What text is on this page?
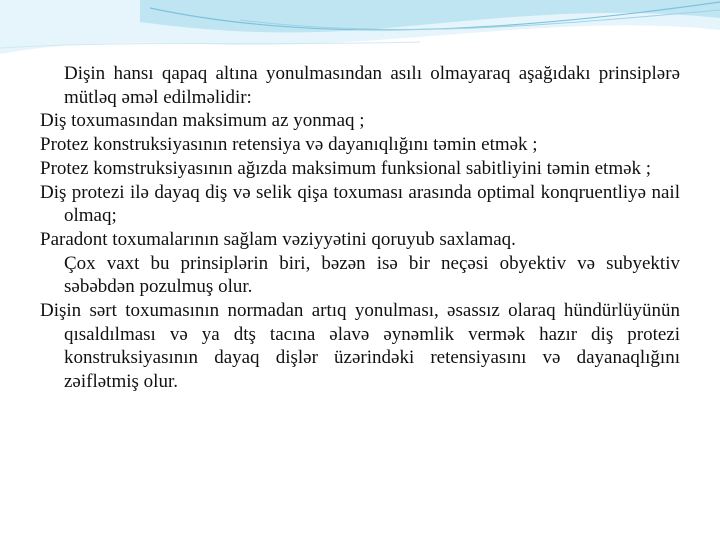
Dişin hansı qapaq altına yonulmasından asılı olmayaraq aşağıdakı prinsiplərə mütləq əməl edilməlidir:

Diş toxumasından maksimum az yonmaq ;

Protez konstruksiyasının retensiya və dayanıqlığını təmin etmək ;

Protez komstruksiyasının ağızda maksimum funksional sabitliyini təmin etmək ;

Diş protezi ilə dayaq diş və selik qişa toxuması arasında optimal konqruentliyə nail olmaq;

Paradont toxumalarının sağlam vəziyyətini qoruyub saxlamaq.

Çox vaxt bu prinsiplərin biri, bəzən isə bir neçəsi obyektiv və subyektiv səbəbdən pozulmuş olur.

Dişin sərt toxumasının normadan artıq yonulması, əsassız olaraq hündürlüyünün qısaldılması və ya dtş tacına əlavə əynəmlik vermək hazır diş protezi konstruksiyasının dayaq dişlər üzərindəki retensiyasını və dayanaqlığını zəiflətmiş olur.
